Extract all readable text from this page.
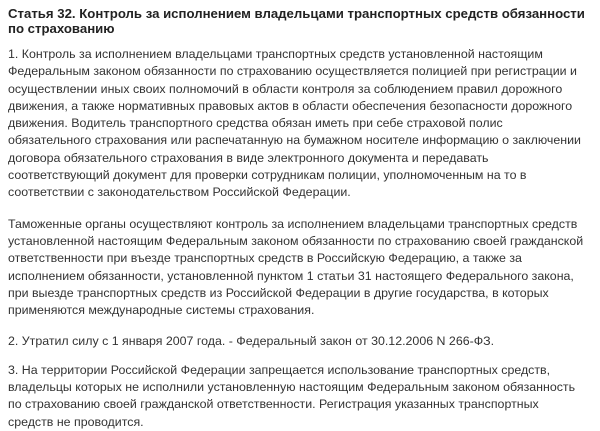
Статья 32. Контроль за исполнением владельцами транспортных средств обязанности по страхованию

1. Контроль за исполнением владельцами транспортных средств установленной настоящим Федеральным законом обязанности по страхованию осуществляется полицией при регистрации и осуществлении иных своих полномочий в области контроля за соблюдением правил дорожного движения, а также нормативных правовых актов в области обеспечения безопасности дорожного движения. Водитель транспортного средства обязан иметь при себе страховой полис обязательного страхования или распечатанную на бумажном носителе информацию о заключении договора обязательного страхования в виде электронного документа и передавать соответствующий документ для проверки сотрудникам полиции, уполномоченным на то в соответствии с законодательством Российской Федерации.

Таможенные органы осуществляют контроль за исполнением владельцами транспортных средств установленной настоящим Федеральным законом обязанности по страхованию своей гражданской ответственности при въезде транспортных средств в Российскую Федерацию, а также за исполнением обязанности, установленной пунктом 1 статьи 31 настоящего Федерального закона, при выезде транспортных средств из Российской Федерации в другие государства, в которых применяются международные системы страхования.

2. Утратил силу с 1 января 2007 года. - Федеральный закон от 30.12.2006 N 266-ФЗ.

3. На территории Российской Федерации запрещается использование транспортных средств, владельцы которых не исполнили установленную настоящим Федеральным законом обязанность по страхованию своей гражданской ответственности. Регистрация указанных транспортных средств не проводится.
